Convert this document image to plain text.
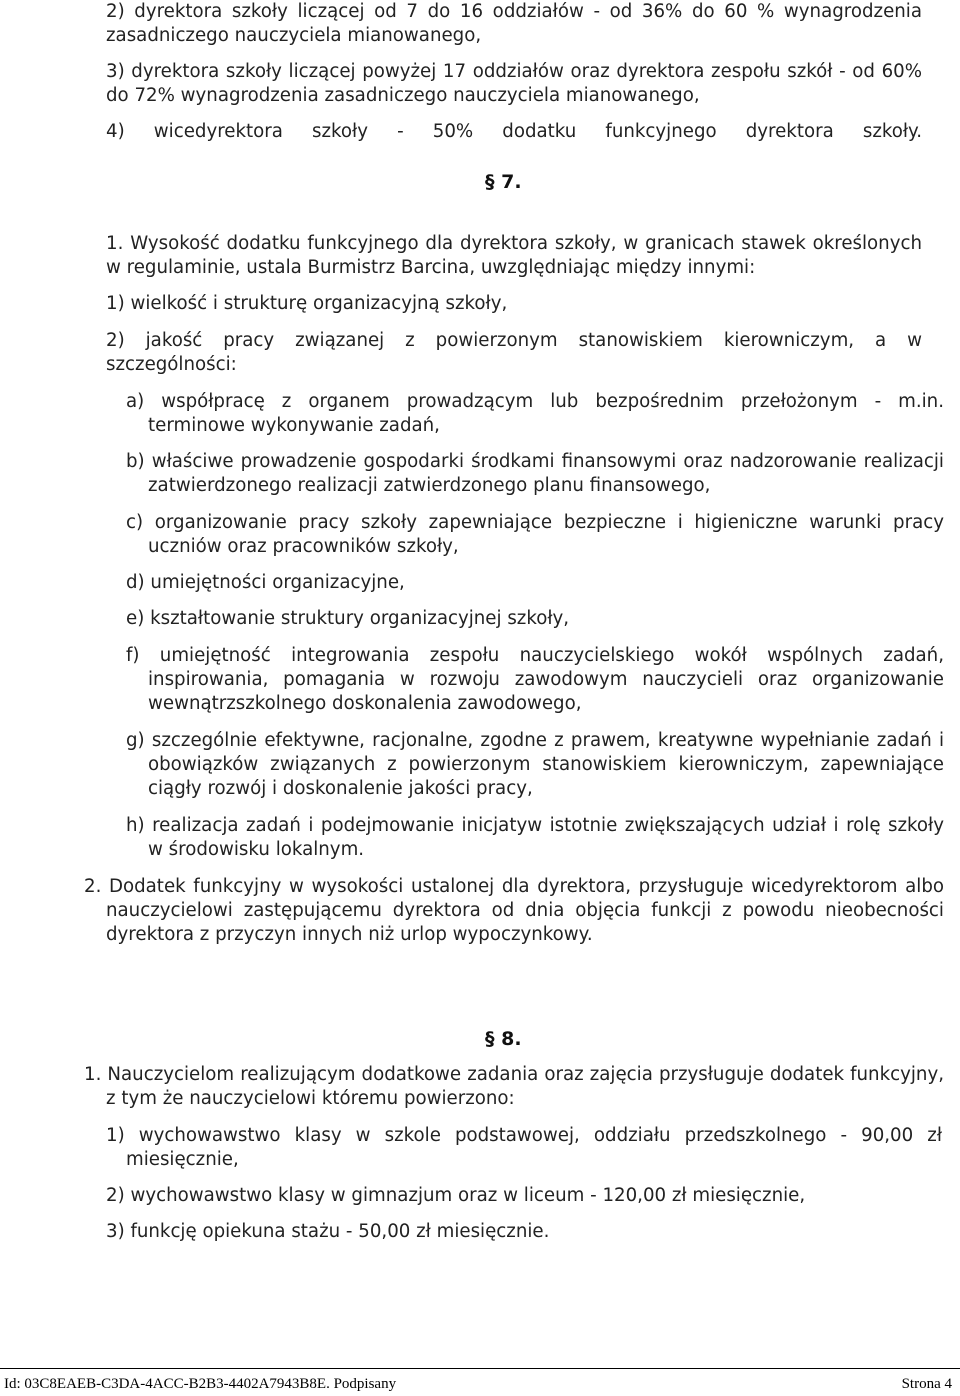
2) dyrektora szkoły liczącej od 7 do 16 oddziałów - od 36% do 60 % wynagrodzenia zasadniczego nauczyciela mianowanego,

3) dyrektora szkoły liczącej powyżej 17 oddziałów oraz dyrektora zespołu szkół - od 60% do 72% wynagrodzenia zasadniczego nauczyciela mianowanego,

4) wicedyrektora szkoły - 50% dodatku funkcyjnego dyrektora szkoły.

§ 7.

1. Wysokość dodatku funkcyjnego dla dyrektora szkoły, w granicach stawek określonych w regulaminie, ustala Burmistrz Barcina, uwzględniając między innymi:

1) wielkość i strukturę organizacyjną szkoły,

2) jakość pracy związanej z powierzonym stanowiskiem kierowniczym, a w szczególności:

a) współpracę z organem prowadzącym lub bezpośrednim przełożonym - m.in. terminowe wykonywanie zadań,

b) właściwe prowadzenie gospodarki środkami finansowymi oraz nadzorowanie realizacji zatwierdzonego realizacji zatwierdzonego planu finansowego,

c) organizowanie pracy szkoły zapewniające bezpieczne i higieniczne warunki pracy uczniów oraz pracowników szkoły,

d) umiejętności organizacyjne,

e) kształtowanie struktury organizacyjnej szkoły,

f) umiejętność integrowania zespołu nauczycielskiego wokół wspólnych zadań, inspirowania, pomagania w rozwoju zawodowym nauczycieli oraz organizowanie wewnątrzszkolnego doskonalenia zawodowego,

g) szczególnie efektywne, racjonalne, zgodne z prawem, kreatywne wypełnianie zadań i obowiązków związanych z powierzonym stanowiskiem kierowniczym, zapewniające ciągły rozwój i doskonalenie jakości pracy,

h) realizacja zadań i podejmowanie inicjatyw istotnie zwiększających udział i rolę szkoły w środowisku lokalnym.

2. Dodatek funkcyjny w wysokości ustalonej dla dyrektora, przysługuje wicedyrektorom albo nauczycielowi zastępującemu dyrektora od dnia objęcia funkcji z powodu nieobecności dyrektora z przyczyn innych niż urlop wypoczynkowy.

§ 8.

1. Nauczycielom realizującym dodatkowe zadania oraz zajęcia przysługuje dodatek funkcyjny, z tym że nauczycielowi któremu powierzono:

1) wychowawstwo klasy w szkole podstawowej, oddziału przedszkolnego - 90,00 zł miesięcznie,

2) wychowawstwo klasy w gimnazjum oraz w liceum - 120,00 zł miesięcznie,

3) funkcję opiekuna stażu - 50,00 zł miesięcznie.

Id: 03C8EAEB-C3DA-4ACC-B2B3-4402A7943B8E. Podpisany	Strona 4
